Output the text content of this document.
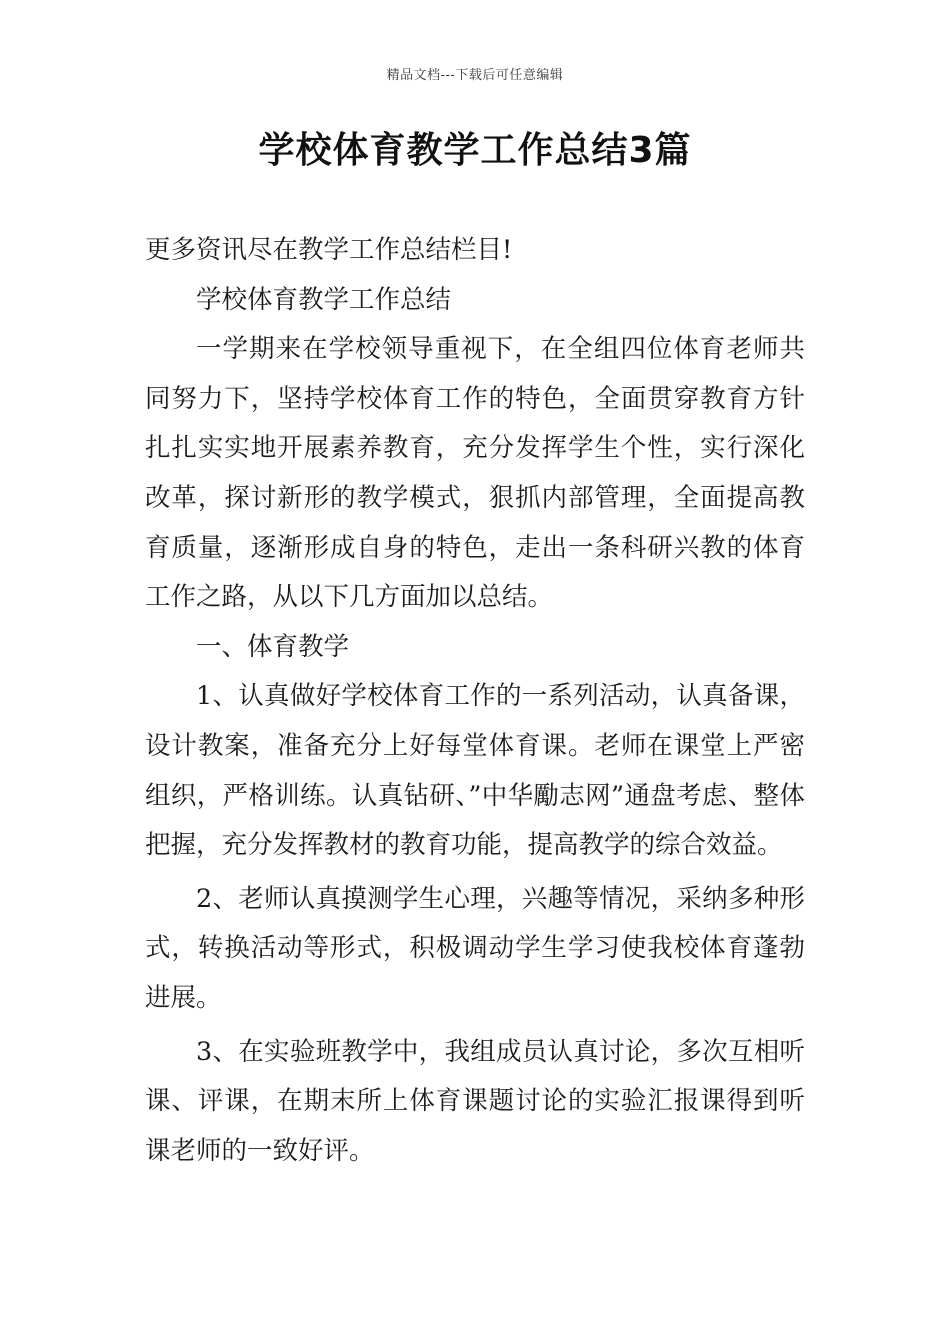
精品文档---下载后可任意编辑
学校体育教学工作总结3篇

更多资讯尽在教学工作总结栏目!

学校体育教学工作总结

一学期来在学校领导重视下，在全组四位体育老师共同努力下，坚持学校体育工作的特色，全面贯穿教育方针扎扎实实地开展素养教育，充分发挥学生个性，实行深化改革，探讨新形的教学模式，狠抓内部管理，全面提高教育质量，逐渐形成自身的特色，走出一条科研兴教的体育工作之路，从以下几方面加以总结。

一、体育教学

1、认真做好学校体育工作的一系列活动，认真备课，设计教案，准备充分上好每堂体育课。老师在课堂上严密组织，严格训练。认真钻研、”中华勵志网”通盘考虑、整体把握，充分发挥教材的教育功能，提高教学的综合效益。

2、老师认真摸测学生心理，兴趣等情况，采纳多种形式，转换活动等形式，积极调动学生学习使我校体育蓬勃进展。

3、在实验班教学中，我组成员认真讨论，多次互相听课、评课，在期末所上体育课题讨论的实验汇报课得到听课老师的一致好评。
